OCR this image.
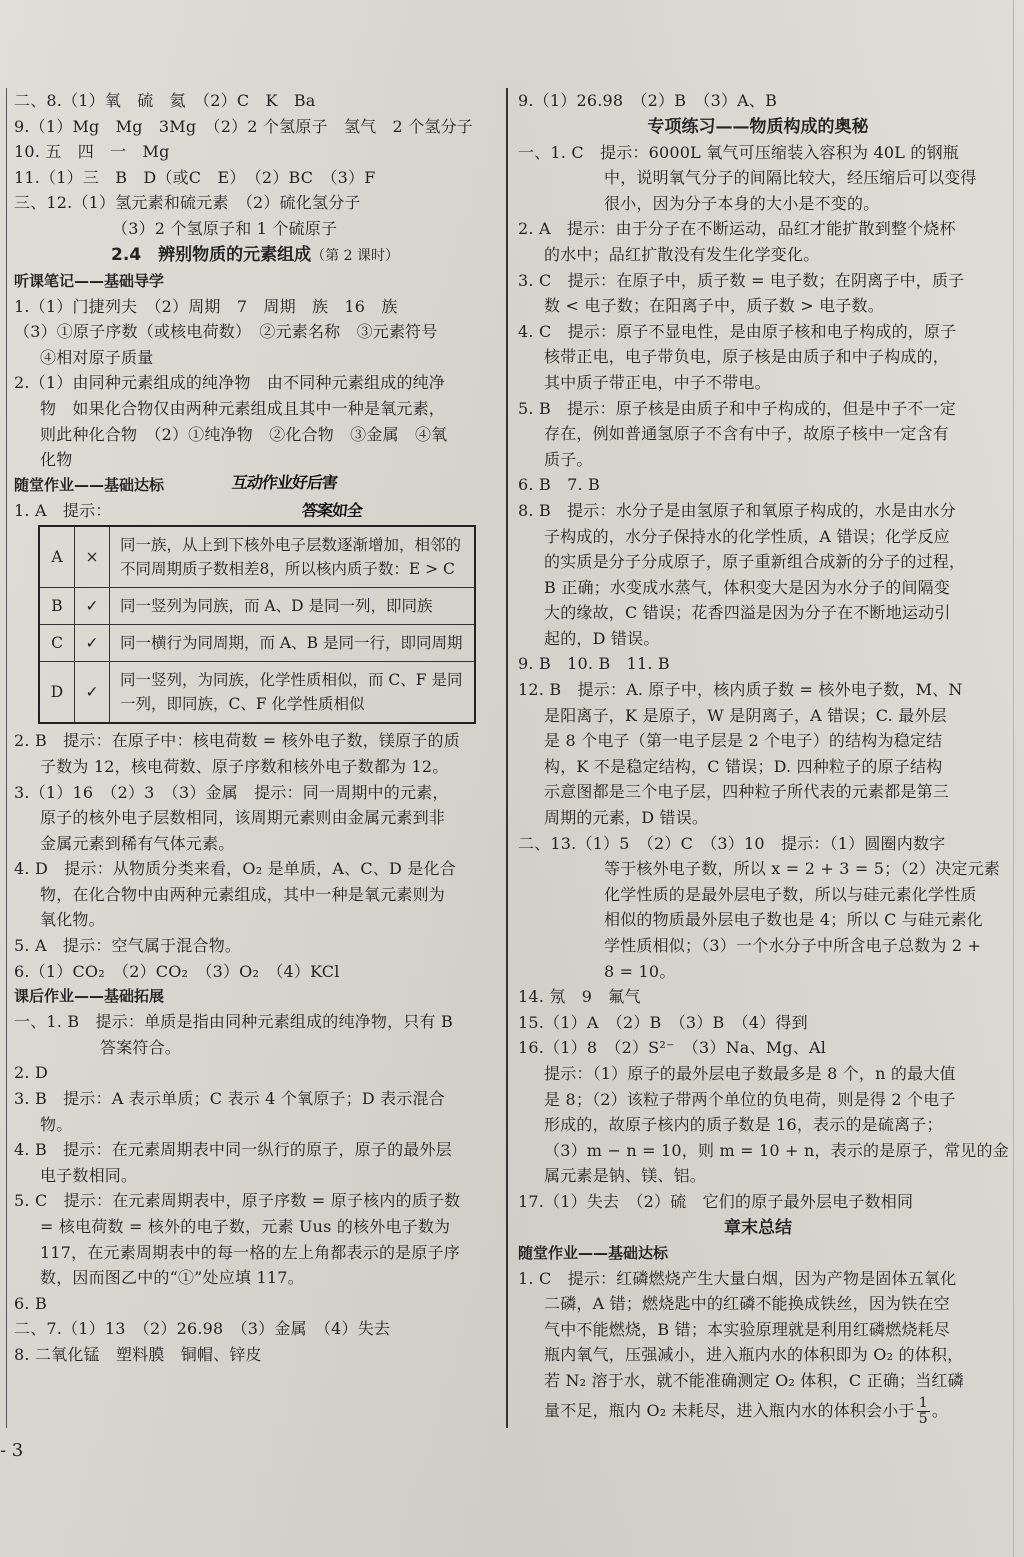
二、8.（1）氧　硫　氦　（2）C　K　Ba
9.（1）Mg　Mg　3Mg　（2）2 个氢原子　氢气　2 个氢分子
10. 五　四　一　Mg
11.（1）三　B　D（或C　E）　（2）BC　（3）F
三、12.（1）氢元素和硫元素　（2）硫化氢分子
（3）2 个氢原子和 1 个硫原子
2.4　辨别物质的元素组成（第 2 课时）
听课笔记——基础导学
1.（1）门捷列夫　（2）周期　7　周期　族　16　族
（3）①原子序数（或核电荷数）　②元素名称　③元素符号
④相对原子质量
2.（1）由同种元素组成的纯净物　由不同种元素组成的纯净
物　如果化合物仅由两种元素组成且其中一种是氧元素，
则此种化合物　（2）①纯净物　②化合物　③金属　④氧
化物
随堂作业——基础达标
1. A　提示：
A	×	同一族，从上到下核外电子层数逐渐增加，相邻的不同周期质子数相差8，所以核内质子数：E > C
B	✓	同一竖列为同族，而 A、D 是同一列，即同族
C	✓	同一横行为同周期，而 A、B 是同一行，即同周期
D	✓	同一竖列，为同族，化学性质相似，而 C、F 是同一列，即同族，C、F 化学性质相似
2. B　提示：在原子中：核电荷数 = 核外电子数，镁原子的质
子数为 12，核电荷数、原子序数和核外电子数都为 12。
3.（1）16　（2）3　（3）金属　提示：同一周期中的元素，
原子的核外电子层数相同，该周期元素则由金属元素到非
金属元素到稀有气体元素。
4. D　提示：从物质分类来看，O₂ 是单质，A、C、D 是化合
物，在化合物中由两种元素组成，其中一种是氧元素则为
氧化物。
5. A　提示：空气属于混合物。
6.（1）CO₂　（2）CO₂　（3）O₂　（4）KCl
课后作业——基础拓展
一、1. B　提示：单质是指由同种元素组成的纯净物，只有 B
答案符合。
2. D
3. B　提示：A 表示单质；C 表示 4 个氧原子；D 表示混合
物。
4. B　提示：在元素周期表中同一纵行的原子，原子的最外层
电子数相同。
5. C　提示：在元素周期表中，原子序数 = 原子核内的质子数
= 核电荷数 = 核外的电子数，元素 Uus 的核外电子数为
117，在元素周期表中的每一格的左上角都表示的是原子序
数，因而图乙中的“①”处应填 117。
6. B
二、7.（1）13　（2）26.98　（3）金属　（4）失去
8. 二氧化锰　塑料膜　铜帽、锌皮
互动作业好后害
答案如全
9.（1）26.98　（2）B　（3）A、B
专项练习——物质构成的奥秘
一、1. C　提示：6000L 氧气可压缩装入容积为 40L 的钢瓶
中，说明氧气分子的间隔比较大，经压缩后可以变得
很小，因为分子本身的大小是不变的。
2. A　提示：由于分子在不断运动，品红才能扩散到整个烧杯
的水中；品红扩散没有发生化学变化。
3. C　提示：在原子中，质子数 = 电子数；在阴离子中，质子
数 < 电子数；在阳离子中，质子数 > 电子数。
4. C　提示：原子不显电性，是由原子核和电子构成的，原子
核带正电，电子带负电，原子核是由质子和中子构成的，
其中质子带正电，中子不带电。
5. B　提示：原子核是由质子和中子构成的，但是中子不一定
存在，例如普通氢原子不含有中子，故原子核中一定含有
质子。
6. B　7. B
8. B　提示：水分子是由氢原子和氧原子构成的，水是由水分
子构成的，水分子保持水的化学性质，A 错误；化学反应
的实质是分子分成原子，原子重新组合成新的分子的过程，
B 正确；水变成水蒸气，体积变大是因为水分子的间隔变
大的缘故，C 错误；花香四溢是因为分子在不断地运动引
起的，D 错误。
9. B　10. B　11. B
12. B　提示：A. 原子中，核内质子数 = 核外电子数，M、N
是阳离子，K 是原子，W 是阴离子，A 错误；C. 最外层
是 8 个电子（第一电子层是 2 个电子）的结构为稳定结
构，K 不是稳定结构，C 错误；D. 四种粒子的原子结构
示意图都是三个电子层，四种粒子所代表的元素都是第三
周期的元素，D 错误。
二、13.（1）5　（2）C　（3）10　提示：（1）圆圈内数字
等于核外电子数，所以 x = 2 + 3 = 5；（2）决定元素
化学性质的是最外层电子数，所以与硅元素化学性质
相似的物质最外层电子数也是 4；所以 C 与硅元素化
学性质相似；（3）一个水分子中所含电子总数为 2 +
8 = 10。
14. 氖　9　氟气
15.（1）A　（2）B　（3）B　（4）得到
16.（1）8　（2）S²⁻　（3）Na、Mg、Al
提示：（1）原子的最外层电子数最多是 8 个，n 的最大值
是 8；（2）该粒子带两个单位的负电荷，则是得 2 个电子
形成的，故原子核内的质子数是 16，表示的是硫离子；
（3）m − n = 10，则 m = 10 + n，表示的是原子，常见的金
属元素是钠、镁、铝。
17.（1）失去　（2）硫　它们的原子最外层电子数相同
章末总结
随堂作业——基础达标
1. C　提示：红磷燃烧产生大量白烟，因为产物是固体五氧化
二磷，A 错；燃烧匙中的红磷不能换成铁丝，因为铁在空
气中不能燃烧，B 错；本实验原理就是利用红磷燃烧耗尽
瓶内氧气，压强减小，进入瓶内水的体积即为 O₂ 的体积，
若 N₂ 溶于水，就不能准确测定 O₂ 体积，C 正确；当红磷
量不足，瓶内 O₂ 未耗尽，进入瓶内水的体积会小于 $\frac{1}{5}$ 。
- 3
